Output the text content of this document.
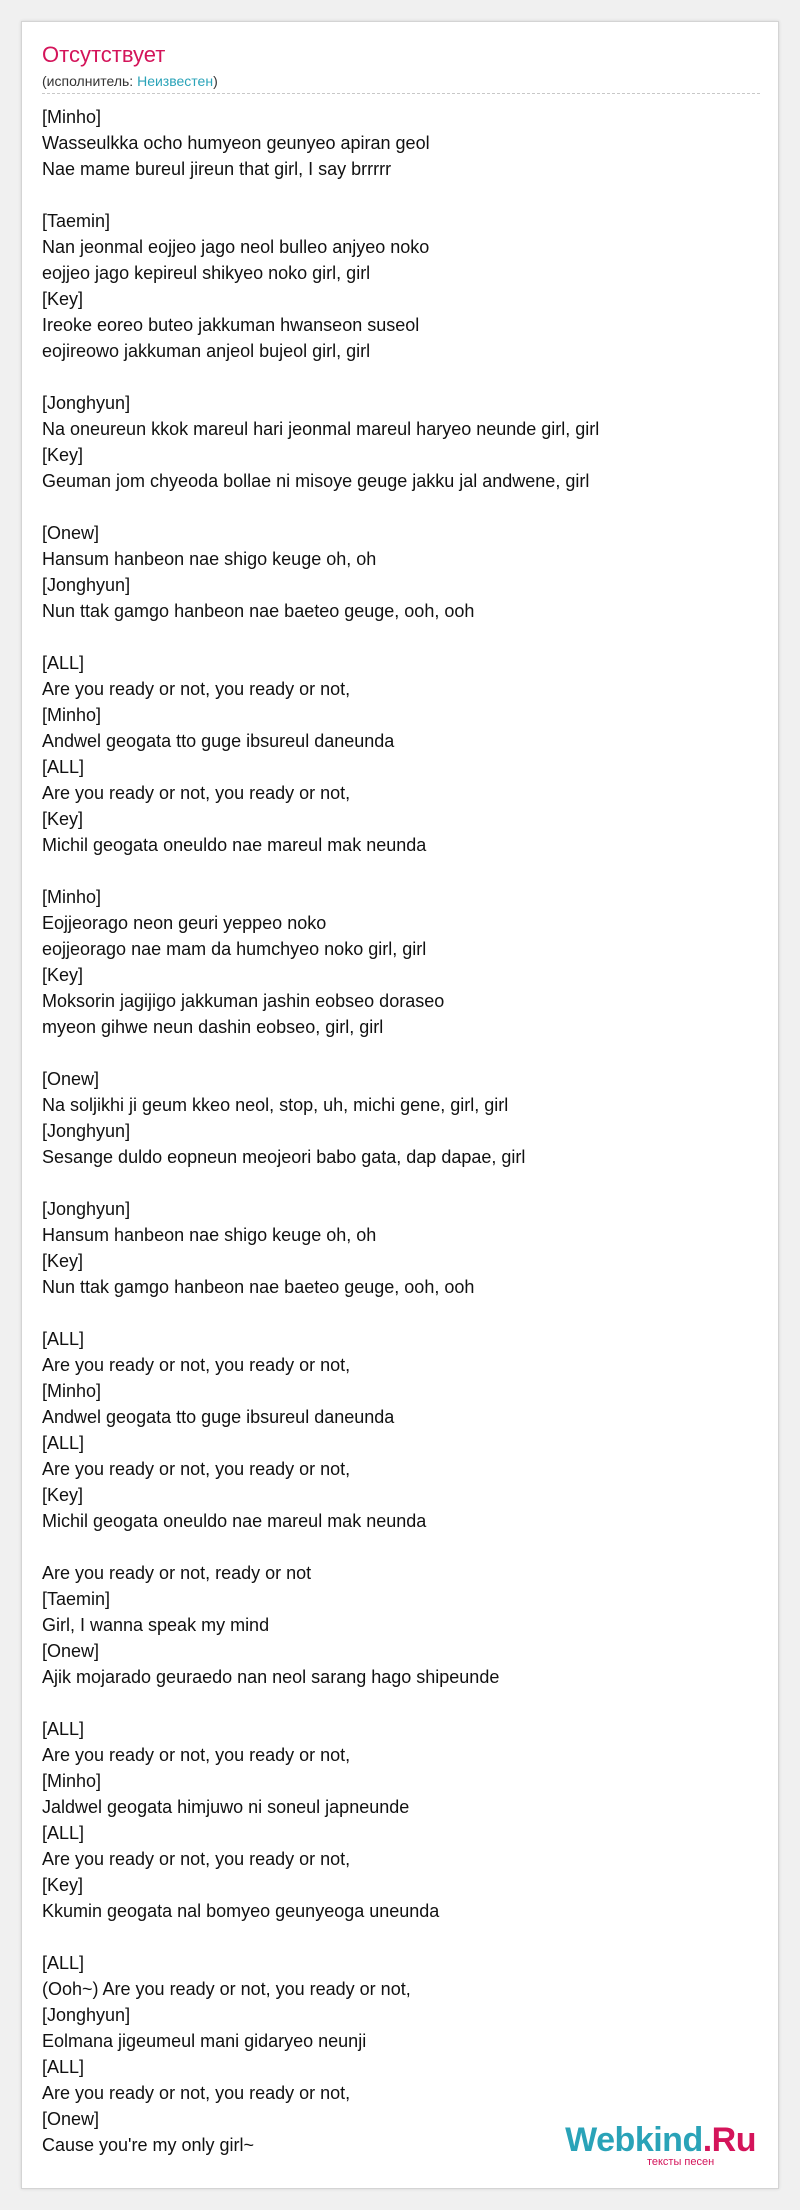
Отсутствует
(исполнитель: Неизвестен)
[Minho]
Wasseulkka ocho humyeon geunyeo apiran geol
Nae mame bureul jireun that girl, I say brrrrr
[Taemin]
Nan jeonmal eojjeo jago neol bulleo anjyeo noko
eojjeo jago kepireul shikyeo noko girl, girl
[Key]
Ireoke eoreo buteo jakkuman hwanseon suseol
eojireowo jakkuman anjeol bujeol girl, girl
[Jonghyun]
Na oneureun kkok mareul hari jeonmal mareul haryeo neunde girl, girl
[Key]
Geuman jom chyeoda bollae ni misoye geuge jakku jal andwene, girl
[Onew]
Hansum hanbeon nae shigo keuge oh, oh
[Jonghyun]
Nun ttak gamgo hanbeon nae baeteo geuge, ooh, ooh
[ALL]
Are you ready or not, you ready or not,
[Minho]
Andwel geogata tto guge ibsureul daneunda
[ALL]
Are you ready or not, you ready or not,
[Key]
Michil geogata oneuldo nae mareul mak neunda
[Minho]
Eojjeorago neon geuri yeppeo noko
eojjeorago nae mam da humchyeo noko girl, girl
[Key]
Moksorin jagijigo jakkuman jashin eobseo doraseo
myeon gihwe neun dashin eobseo, girl, girl
[Onew]
Na soljikhi ji geum kkeo neol, stop, uh, michi gene, girl, girl
[Jonghyun]
Sesange duldo eopneun meojeori babo gata, dap dapae, girl
[Jonghyun]
Hansum hanbeon nae shigo keuge oh, oh
[Key]
Nun ttak gamgo hanbeon nae baeteo geuge, ooh, ooh
[ALL]
Are you ready or not, you ready or not,
[Minho]
Andwel geogata tto guge ibsureul daneunda
[ALL]
Are you ready or not, you ready or not,
[Key]
Michil geogata oneuldo nae mareul mak neunda
Are you ready or not, ready or not
[Taemin]
Girl, I wanna speak my mind
[Onew]
Ajik mojarado geuraedo nan neol sarang hago shipeunde
[ALL]
Are you ready or not, you ready or not,
[Minho]
Jaldwel geogata himjuwo ni soneul japneunde
[ALL]
Are you ready or not, you ready or not,
[Key]
Kkumin geogata nal bomyeo geunyeoga uneunda
[ALL]
(Ooh~) Are you ready or not, you ready or not,
[Jonghyun]
Eolmana jigeumeul mani gidaryeo neunji
[ALL]
Are you ready or not, you ready or not,
[Onew]
Cause you're my only girl~	Webkind.Ru
тексты песен
